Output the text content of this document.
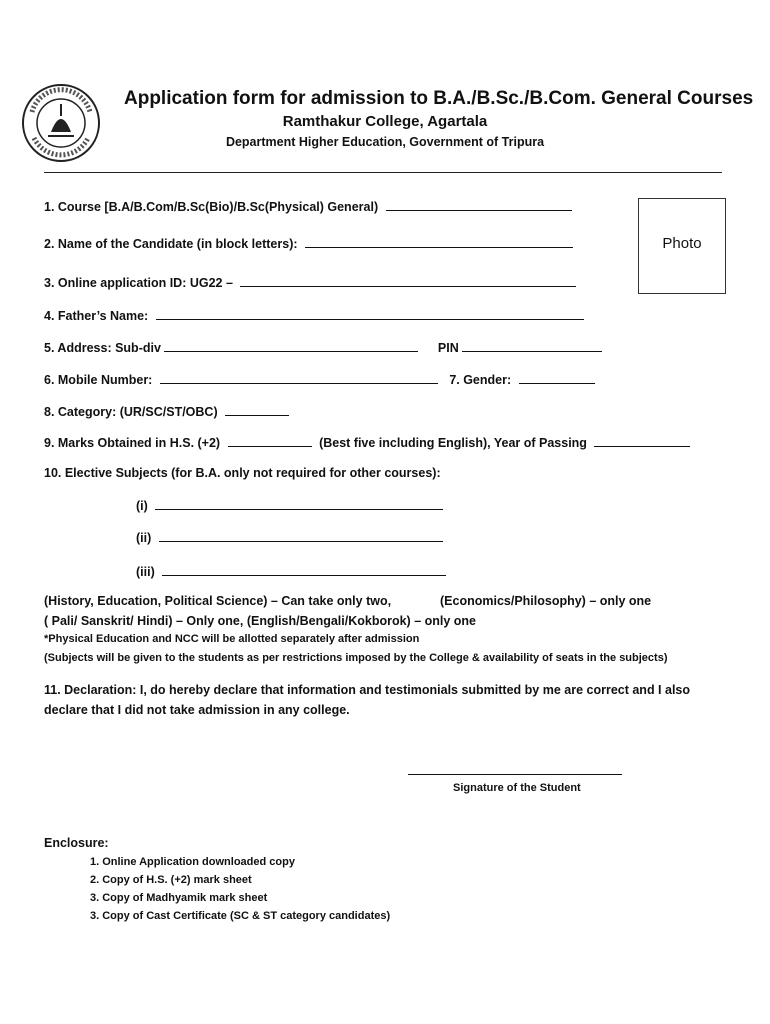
Application form for admission to B.A./B.Sc./B.Com. General Courses
Ramthakur College, Agartala
Department Higher Education, Government of Tripura
Photo
1. Course [B.A/B.Com/B.Sc(Bio)/B.Sc(Physical) General)
2. Name of the Candidate (in block letters):
3. Online application ID: UG22 –
4. Father’s Name:
5. Address: Sub-div	PIN
6. Mobile Number:	7. Gender:
8. Category: (UR/SC/ST/OBC)
9. Marks Obtained in H.S. (+2)	(Best five including English), Year of Passing
10. Elective Subjects (for B.A. only not required for other courses):
(i)
(ii)
(iii)
(History, Education, Political Science) – Can take only two,	(Economics/Philosophy) – only one
( Pali/ Sanskrit/ Hindi) – Only one, (English/Bengali/Kokborok) – only one
*Physical Education and NCC will be allotted separately after admission
(Subjects will be given to the students as per restrictions imposed by the College & availability of seats in the subjects)
11. Declaration: I, do hereby declare that information and testimonials submitted by me are correct and I also declare that I did not take admission in any college.
Signature of the Student
Enclosure:
1. Online Application downloaded copy
2. Copy of H.S. (+2) mark sheet
3. Copy of Madhyamik mark sheet
3. Copy of Cast Certificate (SC & ST category candidates)
